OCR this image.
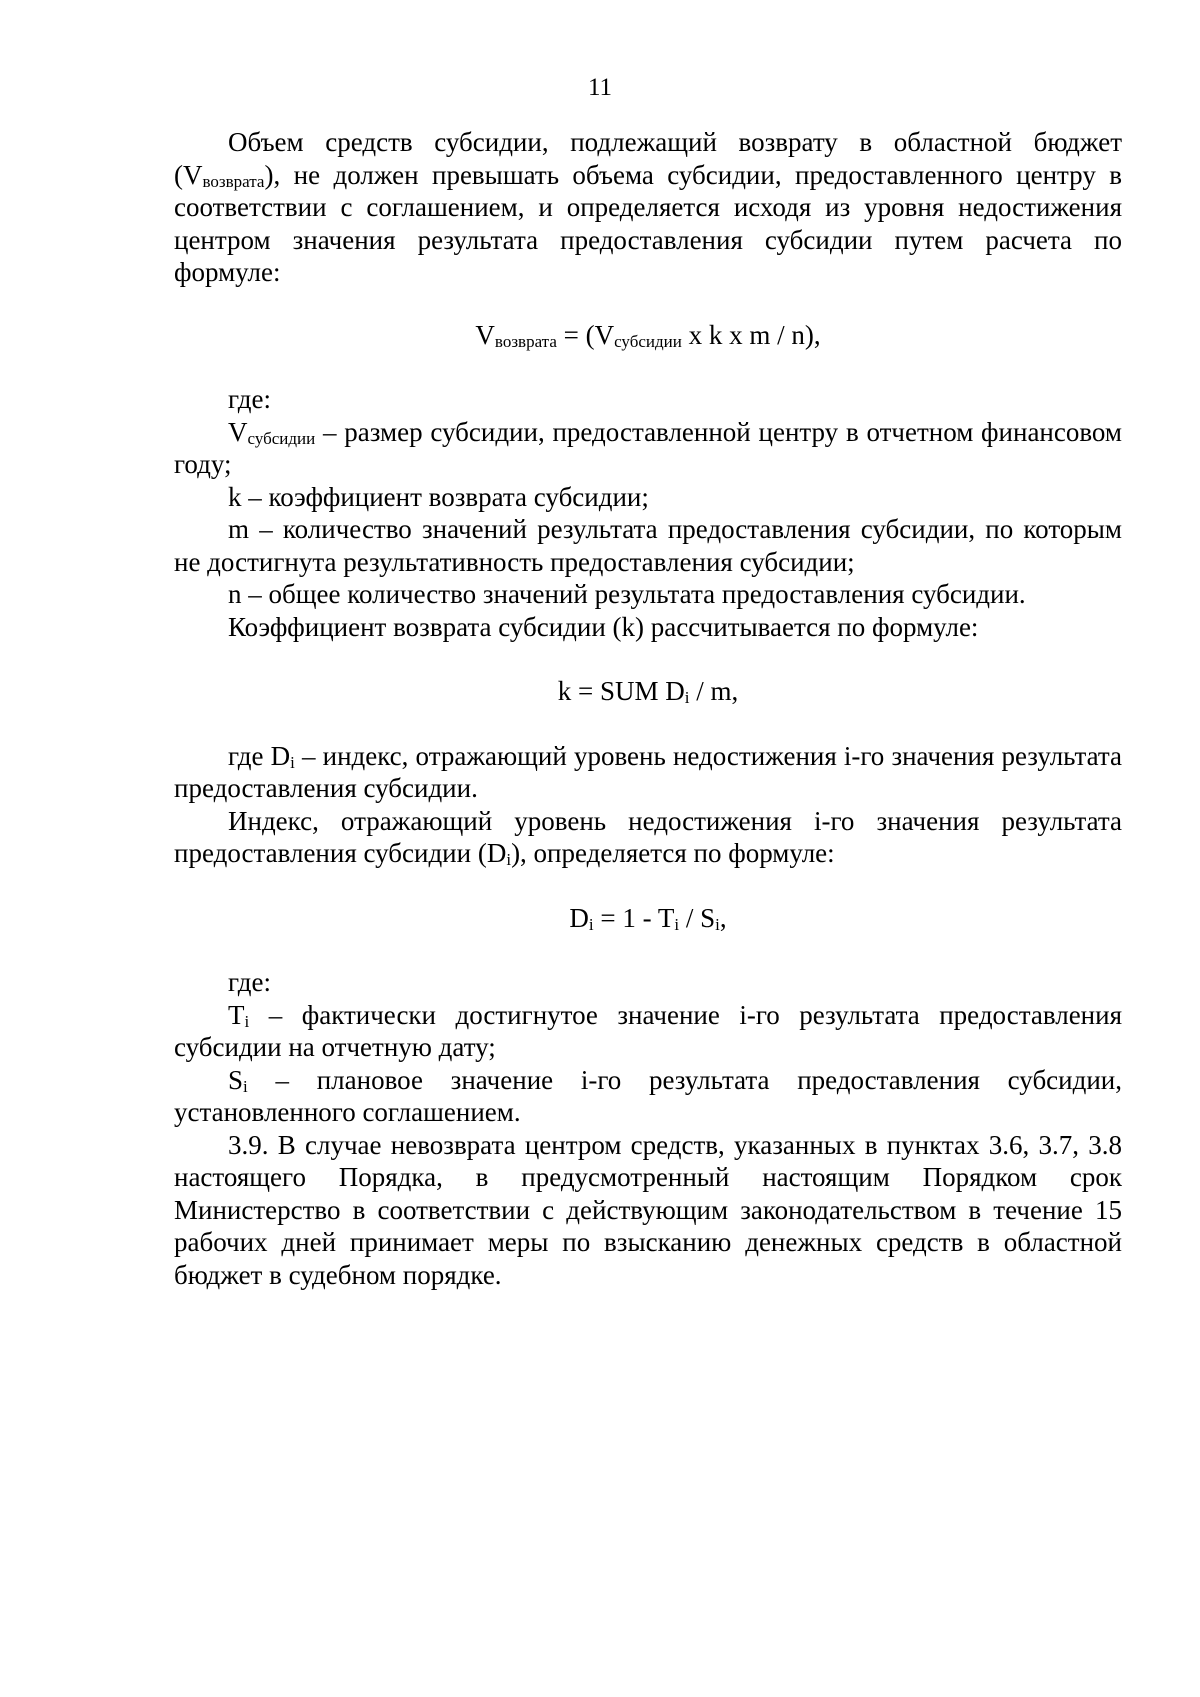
11

Объем средств субсидии, подлежащий возврату в областной бюджет $(V_{возврата})$, не должен превышать объема субсидии, предоставленного центру в соответствии с соглашением, и определяется исходя из уровня недостижения центром значения результата предоставления субсидии путем расчета по формуле:

$V_{возврата} = (V_{субсидии}$ x k x m / n),

где:

$V_{субсидии}$ – размер субсидии, предоставленной центру в отчетном финансовом году;

k – коэффициент возврата субсидии;

m – количество значений результата предоставления субсидии, по которым не достигнута результативность предоставления субсидии;

n – общее количество значений результата предоставления субсидии.

Коэффициент возврата субсидии (k) рассчитывается по формуле:

k = SUM $D_i$ / m,

где $D_i$ – индекс, отражающий уровень недостижения i-го значения результата предоставления субсидии.

Индекс, отражающий уровень недостижения i-го значения результата предоставления субсидии $(D_i)$, определяется по формуле:

$D_i = 1 - T_i / S_i$,

где:

$T_i$ – фактически достигнутое значение i-го результата предоставления субсидии на отчетную дату;

$S_i$ – плановое значение i-го результата предоставления субсидии, установленного соглашением.

3.9. В случае невозврата центром средств, указанных в пунктах 3.6, 3.7, 3.8 настоящего Порядка, в предусмотренный настоящим Порядком срок Министерство в соответствии с действующим законодательством в течение 15 рабочих дней принимает меры по взысканию денежных средств в областной бюджет в судебном порядке.
